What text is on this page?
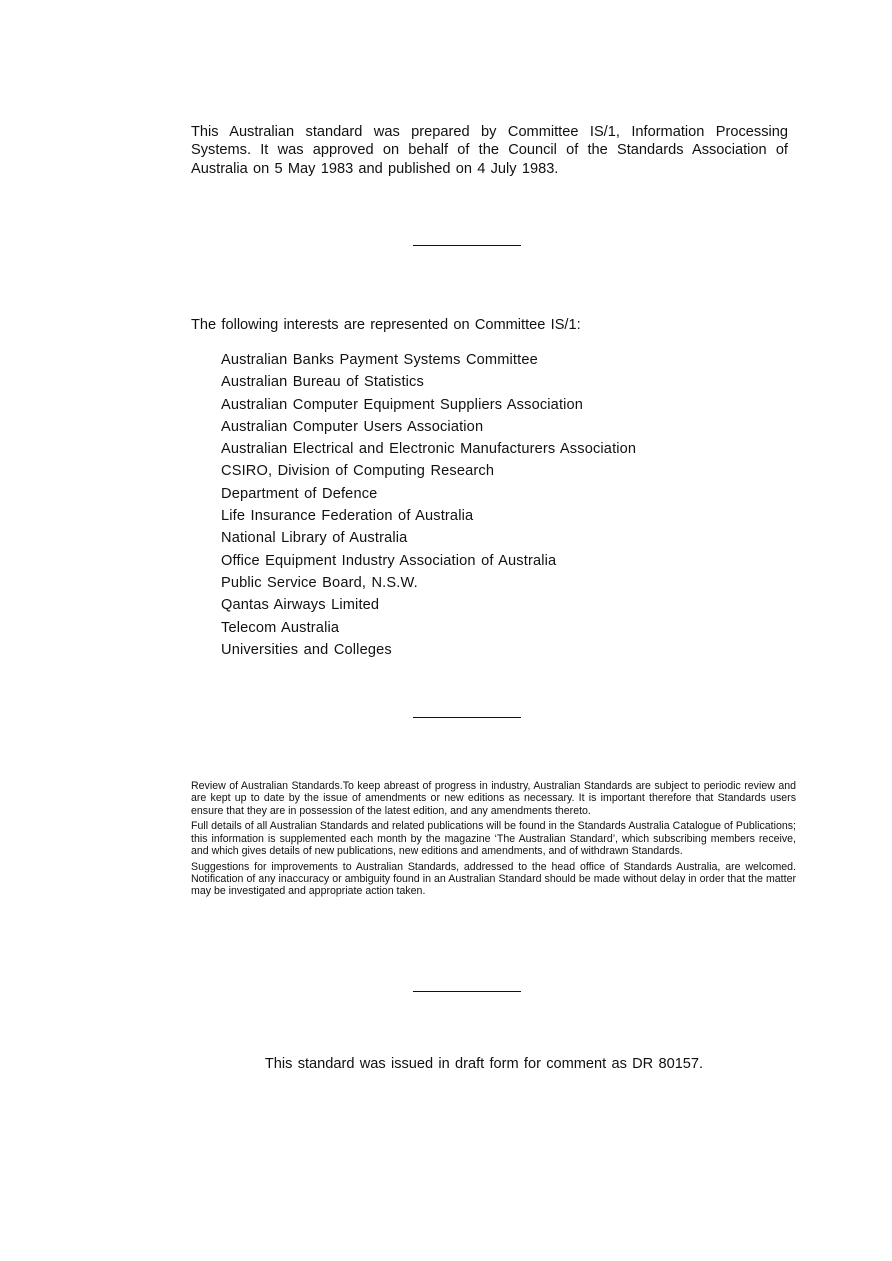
This Australian standard was prepared by Committee IS/1, Information Processing Systems. It was approved on behalf of the Council of the Standards Association of Australia on 5 May 1983 and published on 4 July 1983.

The following interests are represented on Committee IS/1:

Australian Banks Payment Systems Committee
Australian Bureau of Statistics
Australian Computer Equipment Suppliers Association
Australian Computer Users Association
Australian Electrical and Electronic Manufacturers Association
CSIRO, Division of Computing Research
Department of Defence
Life Insurance Federation of Australia
National Library of Australia
Office Equipment Industry Association of Australia
Public Service Board, N.S.W.
Qantas Airways Limited
Telecom Australia
Universities and Colleges

Review of Australian Standards.To keep abreast of progress in industry, Australian Standards are subject to periodic review and are kept up to date by the issue of amendments or new editions as necessary. It is important therefore that Standards users ensure that they are in possession of the latest edition, and any amendments thereto.

Full details of all Australian Standards and related publications will be found in the Standards Australia Catalogue of Publications; this information is supplemented each month by the magazine ‘The Australian Standard’, which subscribing members receive, and which gives details of new publications, new editions and amendments, and of withdrawn Standards.

Suggestions for improvements to Australian Standards, addressed to the head office of Standards Australia, are welcomed. Notification of any inaccuracy or ambiguity found in an Australian Standard should be made without delay in order that the matter may be investigated and appropriate action taken.

This standard was issued in draft form for comment as DR 80157.
